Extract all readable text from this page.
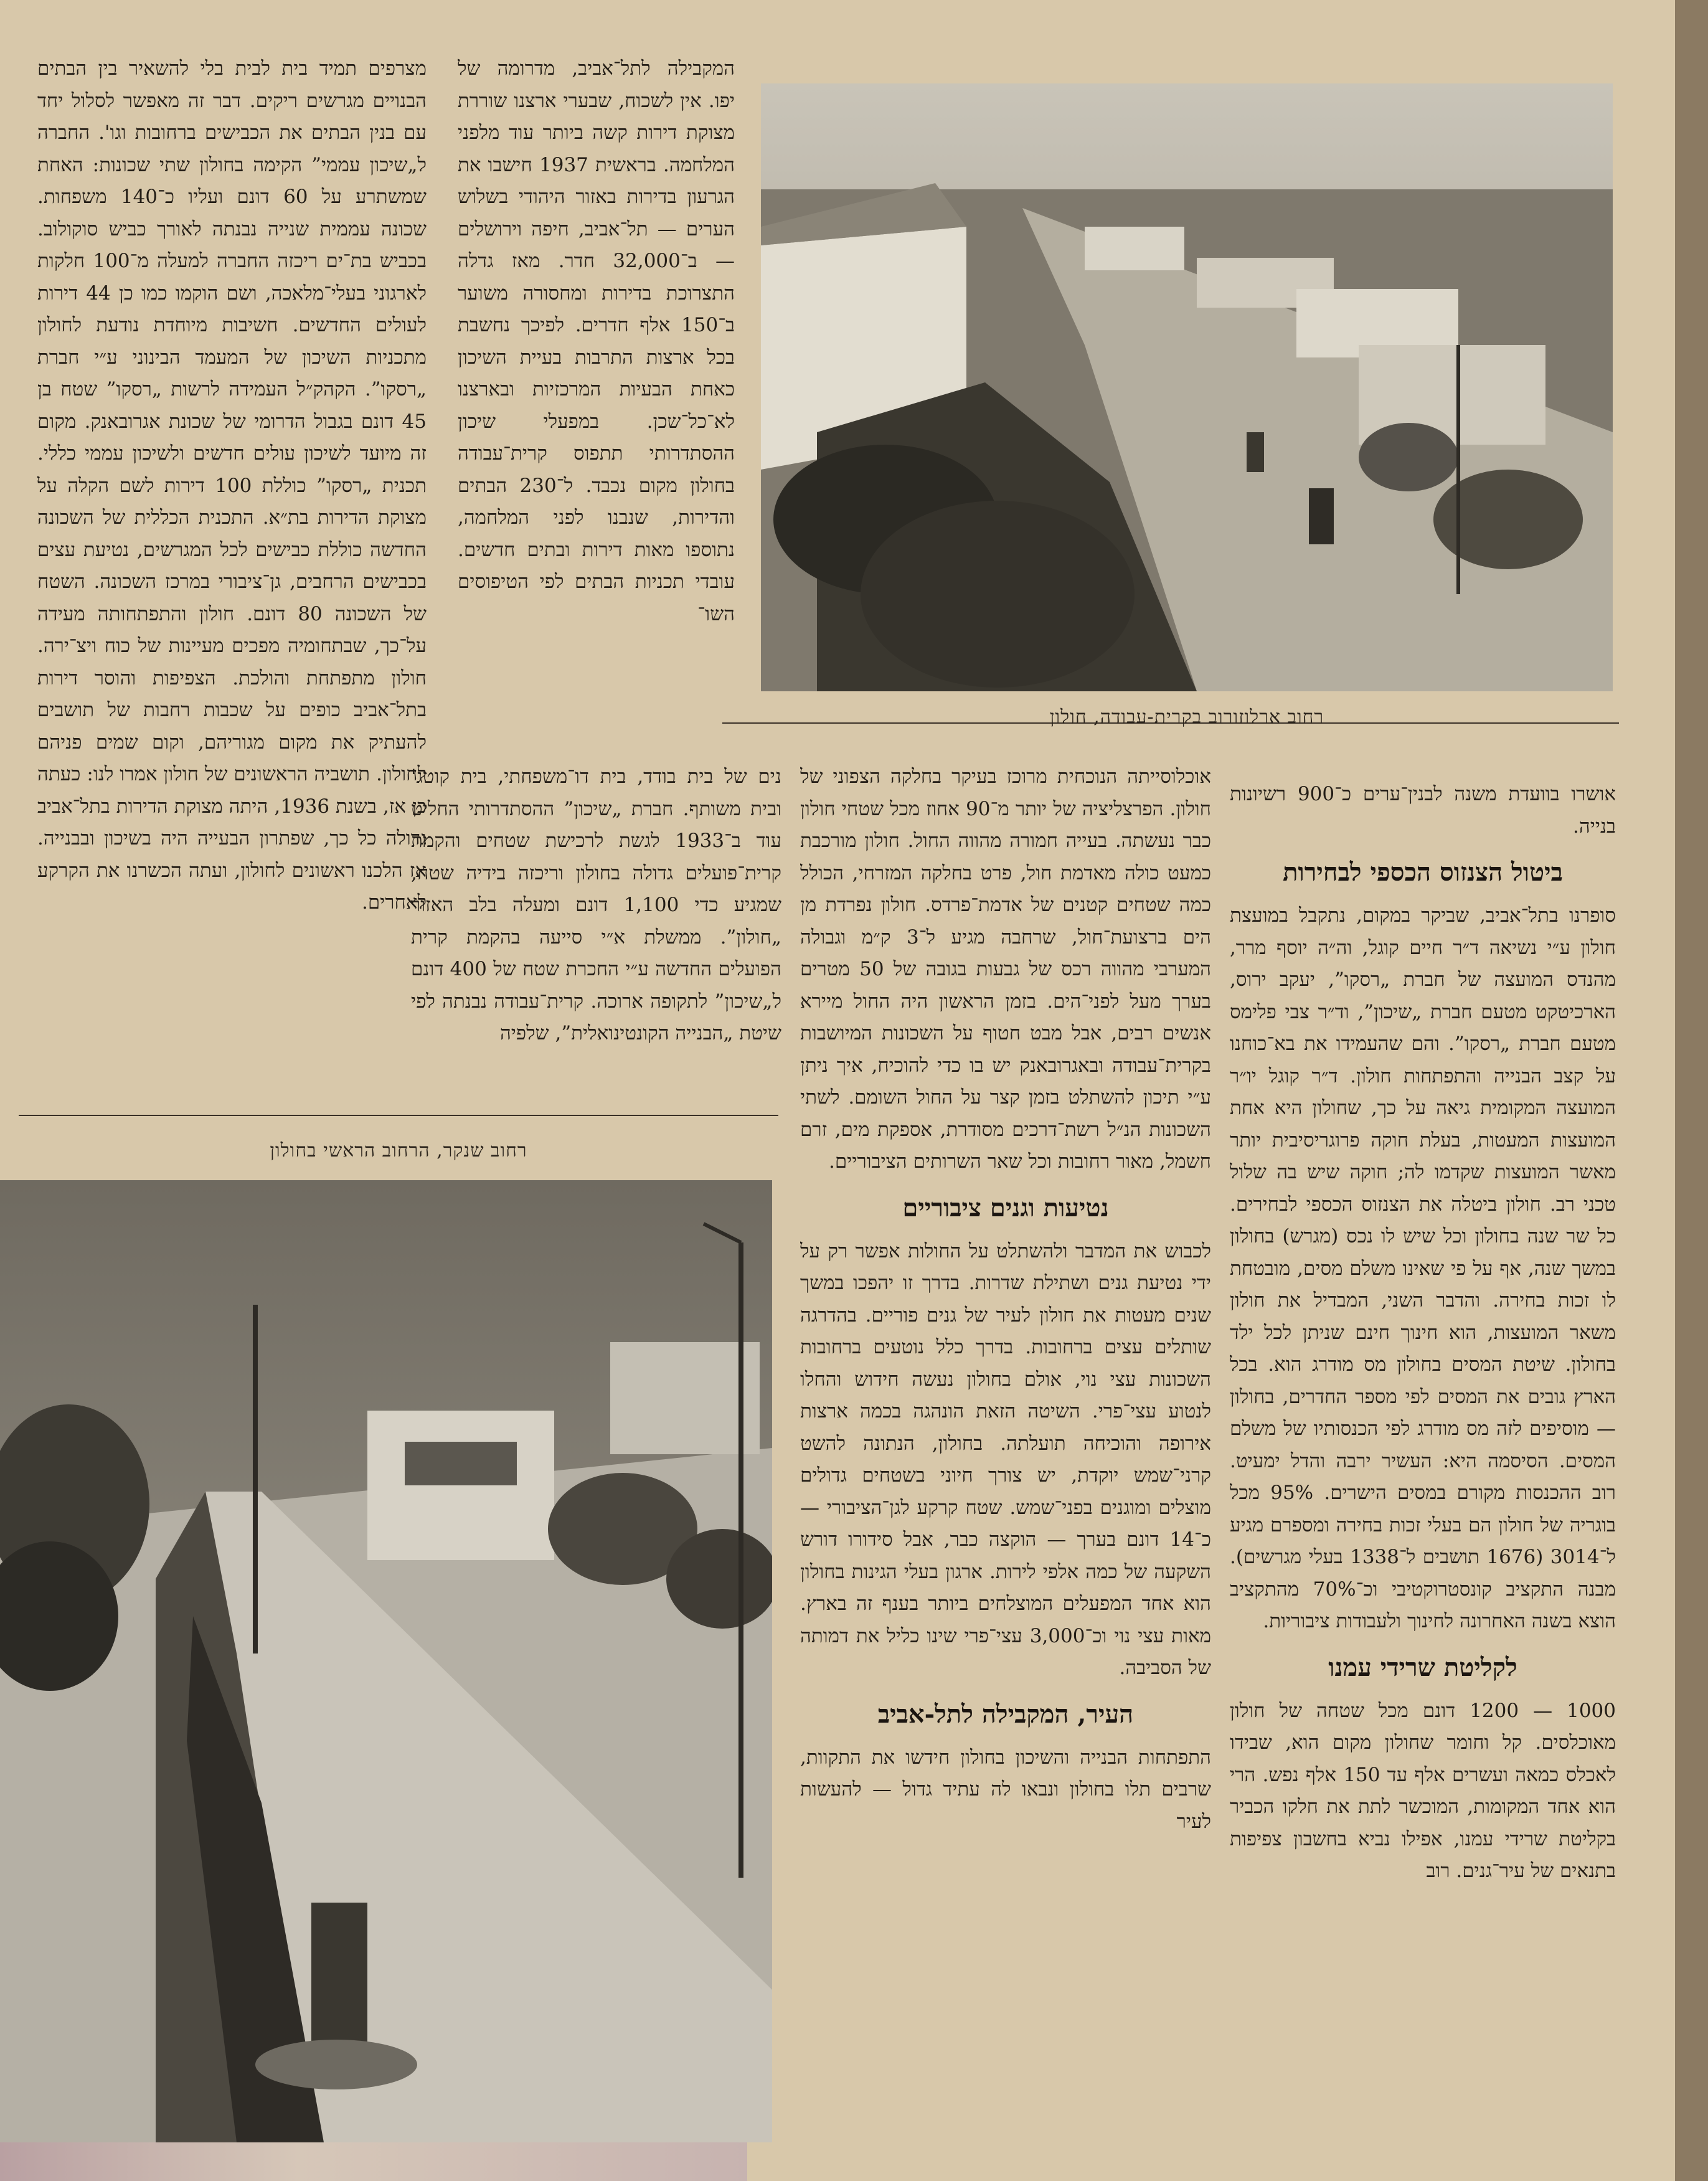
רחוב ארלוזורוב בקרית-עבודה, חולון

מצרפים תמיד בית לבית בלי להשאיר בין הבתים הבנויים מגרשים ריקים. דבר זה מאפשר לסלול יחד עם בנין הבתים את הכבישים ברחובות וגו'. החברה ל„שיכון עממי” הקימה בחולון שתי שכונות: האחת שמשתרע על 60 דונם ועליו כ־140 משפחות. שכונה עממית שנייה נבנתה לאורך כביש סוקולוב. בכביש בת־ים ריכזה החברה למעלה מ־100 חלקות לארגוני בעלי־מלאכה, ושם הוקמו כמו כן 44 דירות לעולים החדשים. חשיבות מיוחדת נודעת לחולון מתכניות השיכון של המעמד הבינוני ע״י חברת „רסקו”. הקהק״ל העמידה לרשות „רסקו” שטח בן 45 דונם בגבול הדרומי של שכונת אגרובאנק. מקום זה מיועד לשיכון עולים חדשים ולשיכון עממי כללי. תכנית „רסקו” כוללת 100 דירות לשם הקלה על מצוקת הדירות בת״א. התכנית הכללית של השכונה החדשה כוללת כבישים לכל המגרשים, נטיעת עצים בכבישים הרחבים, גן־ציבורי במרכז השכונה. השטח של השכונה 80 דונם. חולון והתפתחותה מעידה על־כך, שבתחומיה מפכים מעיינות של כוח ויצ־ירה. חולון מתפתחת והולכת. הצפיפות והוסר דירות בתל־אביב כופים על שכבות רחבות של תושבים להעתיק את מקום מגוריהם, וקום שמים פניהם לחולון. תושביה הראשונים של חולון אמרו לנו: כעתה כן אז, בשנת 1936, היתה מצוקת הדירות בתל־אביב גדולה כל כך, שפתרון הבעייה היה בשיכון ובבנייה. אז הלכנו ראשונים לחולון, ועתה הכשרנו את הקרקע לאחרים.

המקבילה לתל־אביב, מדרומה של יפו. אין לשכוח, שבערי ארצנו שוררת מצוקת דירות קשה ביותר עוד מלפני המלחמה. בראשית 1937 חישבו את הגרעון בדירות באזור היהודי בשלוש הערים — תל־אביב, חיפה וירושלים — ב־32,000 חדר. מאז גדלה התצרוכת בדירות ומחסורה משוער ב־150 אלף חדרים. לפיכך נחשבת בכל ארצות התרבות בעיית השיכון כאחת הבעיות המרכזיות ובארצנו לא־כל־שכן. במפעלי שיכון ההסתדרותי תתפוס קרית־עבודה בחולון מקום נכבד. ל־230 הבתים והדירות, שנבנו לפני המלחמה, נתוספו מאות דירות ובתים חדשים. עובדי תכניות הבתים לפי הטיפוסים השו־

נים של בית בודד, בית דו־משפחתי, בית קוטג' ובית משותף. חברת „שיכון” ההסתדרותי החליט עוד ב־1933 לגשת לרכישת שטחים והקמת קרית־פועלים גדולה בחולון וריכזה בידיה שטח, שמגיע כדי 1,100 דונם ומעלה בלב האזור „חולון”. ממשלת א״י סייעה בהקמת קרית הפועלים החדשה ע״י החכרת שטח של 400 דונם ל„שיכון” לתקופה ארוכה. קרית־עבודה נבנתה לפי שיטת „הבנייה הקונטינואלית”, שלפיה

רחוב שנקר, הרחוב הראשי בחולון

אוכלוסייתה הנוכחית מרוכז בעיקר בחלקה הצפוני של חולון. הפרצליציה של יותר מ־90 אחוז מכל שטחי חולון כבר נעשתה. בעייה חמורה מהווה החול. חולון מורכבת כמעט כולה מאדמת חול, פרט בחלקה המזרחי, הכולל כמה שטחים קטנים של אדמת־פרדס. חולון נפרדת מן הים ברצועת־חול, שרחבה מגיע ל־3 ק״מ וגבולה המערבי מהווה רכס של גבעות בגובה של 50 מטרים בערך מעל לפני־הים. בזמן הראשון היה החול מיירא אנשים רבים, אבל מבט חטוף על השכונות המיושבות בקרית־עבודה ובאגרובאנק יש בו כדי להוכיח, איך ניתן ע״י תיכון להשתלט בזמן קצר על החול השומם. לשתי השכונות הנ״ל רשת־דרכים מסודרת, אספקת מים, זרם חשמל, מאור רחובות וכל שאר השרותים הציבוריים.

נטיעות וגנים ציבוריים

לכבוש את המדבר ולהשתלט על החולות אפשר רק על ידי נטיעת גנים ושתילת שדרות. בדרך זו יהפכו במשך שנים מעטות את חולון לעיר של גנים פוריים. בהדרגה שותלים עצים ברחובות. בדרך כלל נוטעים ברחובות השכונות עצי נוי, אולם בחולון נעשה חידוש והחלו לנטוע עצי־פרי. השיטה הזאת הונהגה בכמה ארצות אירופה והוכיחה תועלתה. בחולון, הנתונה להשט קרני־שמש יוקדת, יש צורך חיוני בשטחים גדולים מוצלים ומוגנים בפני־שמש. שטח קרקע לגן־הציבורי — כ־14 דונם בערך — הוקצה כבר, אבל סידורו דורש השקעה של כמה אלפי לירות. ארגון בעלי הגינות בחולון הוא אחד המפעלים המוצלחים ביותר בענף זה בארץ. מאות עצי נוי וכ־3,000 עצי־פרי שינו כליל את דמותה של הסביבה.

העיר, המקבילה לתל-אביב

התפתחות הבנייה והשיכון בחולון חידשו את התקוות, שרבים תלו בחולון ונבאו לה עתיד גדול — להעשות לעיר

אושרו בוועדת משנה לבנין־ערים כ־900 רשיונות בנייה.

ביטול הצנזוס הכספי לבחירות

סופרנו בתל־אביב, שביקר במקום, נתקבל במועצת חולון ע״י נשיאה ד״ר חיים קוגל, וה״ה יוסף מרר, מהנדס המועצה של חברת „רסקו”, יעקב ירוס, הארכיטקט מטעם חברת „שיכון”, וד״ר צבי פלימס מטעם חברת „רסקו”. והם שהעמידו את בא־כוחנו על קצב הבנייה והתפתחות חולון. ד״ר קוגל יו״ר המועצה המקומית גיאה על כך, שחולון היא אחת המועצות המעטות, בעלת חוקה פרוגריסיבית יותר מאשר המועצות שקדמו לה; חוקה שיש בה שלול טכני רב. חולון ביטלה את הצנזוס הכספי לבחירים. כל שר שנה בחולון וכל שיש לו נכס (מגרש) בחולון במשך שנה, אף על פי שאינו משלם מסים, מובטחת לו זכות בחירה. והדבר השני, המבדיל את חולון משאר המועצות, הוא חינוך חינם שניתן לכל ילד בחולון. שיטת המסים בחולון מס מודרג הוא. בכל הארץ גובים את המסים לפי מספר החדרים, בחולון — מוסיפים לזה מס מודרג לפי הכנסותיו של משלם המסים. הסיסמה היא: העשיר ירבה והדל ימעיט. רוב ההכנסות מקורם במסים הישרים. 95% מכל בוגריה של חולון הם בעלי זכות בחירה ומספרם מגיע ל־3014 (1676 תושבים ל־1338 בעלי מגרשים). מבנה התקציב קונסטרוקטיבי וכ־70% מהתקציב הוצא בשנה האחרונה לחינוך ולעבודות ציבוריות.

לקליטת שרידי עמנו

1000 — 1200 דונם מכל שטחה של חולון מאוכלסים. קל וחומר שחולון מקום הוא, שבידו לאכלס כמאה ועשרים אלף עד 150 אלף נפש. הרי הוא אחד המקומות, המוכשר לתת את חלקו הכביר בקליטת שרידי עמנו, אפילו נביא בחשבון צפיפות בתנאים של עיר־גנים. רוב
